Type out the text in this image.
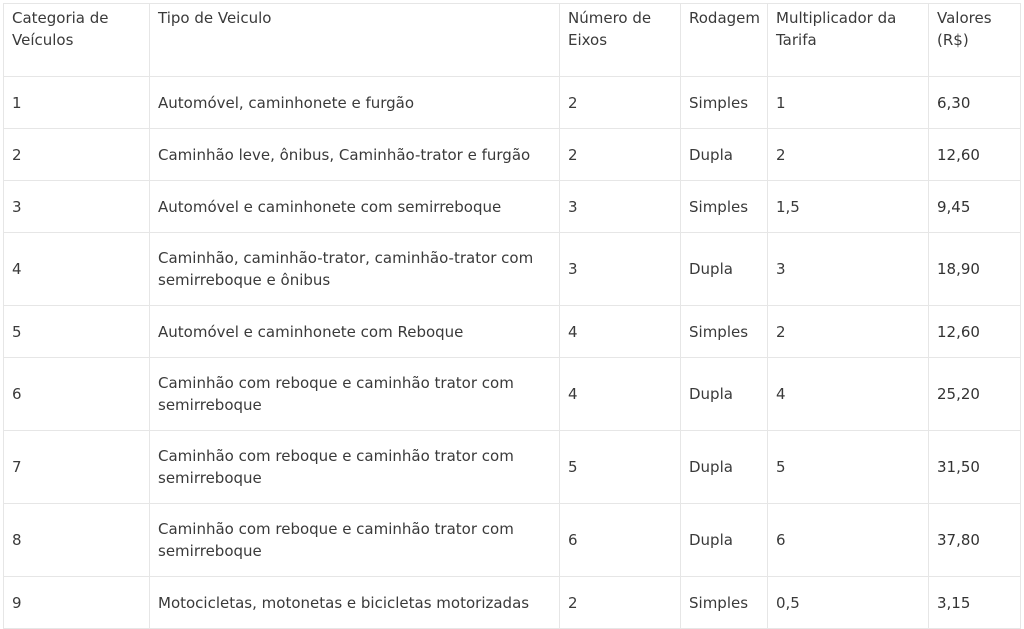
Categoria de Veículos	Tipo de Veiculo	Número de Eixos	Rodagem	Multiplicador da Tarifa	Valores (R$)
1	Automóvel, caminhonete e furgão	2	Simples	1	6,30
2	Caminhão leve, ônibus, Caminhão-trator e furgão	2	Dupla	2	12,60
3	Automóvel e caminhonete com semirreboque	3	Simples	1,5	9,45
4	Caminhão, caminhão-trator, caminhão-trator com semirreboque e ônibus	3	Dupla	3	18,90
5	Automóvel e caminhonete com Reboque	4	Simples	2	12,60
6	Caminhão com reboque e caminhão trator com semirreboque	4	Dupla	4	25,20
7	Caminhão com reboque e caminhão trator com semirreboque	5	Dupla	5	31,50
8	Caminhão com reboque e caminhão trator com semirreboque	6	Dupla	6	37,80
9	Motocicletas, motonetas e bicicletas motorizadas	2	Simples	0,5	3,15
